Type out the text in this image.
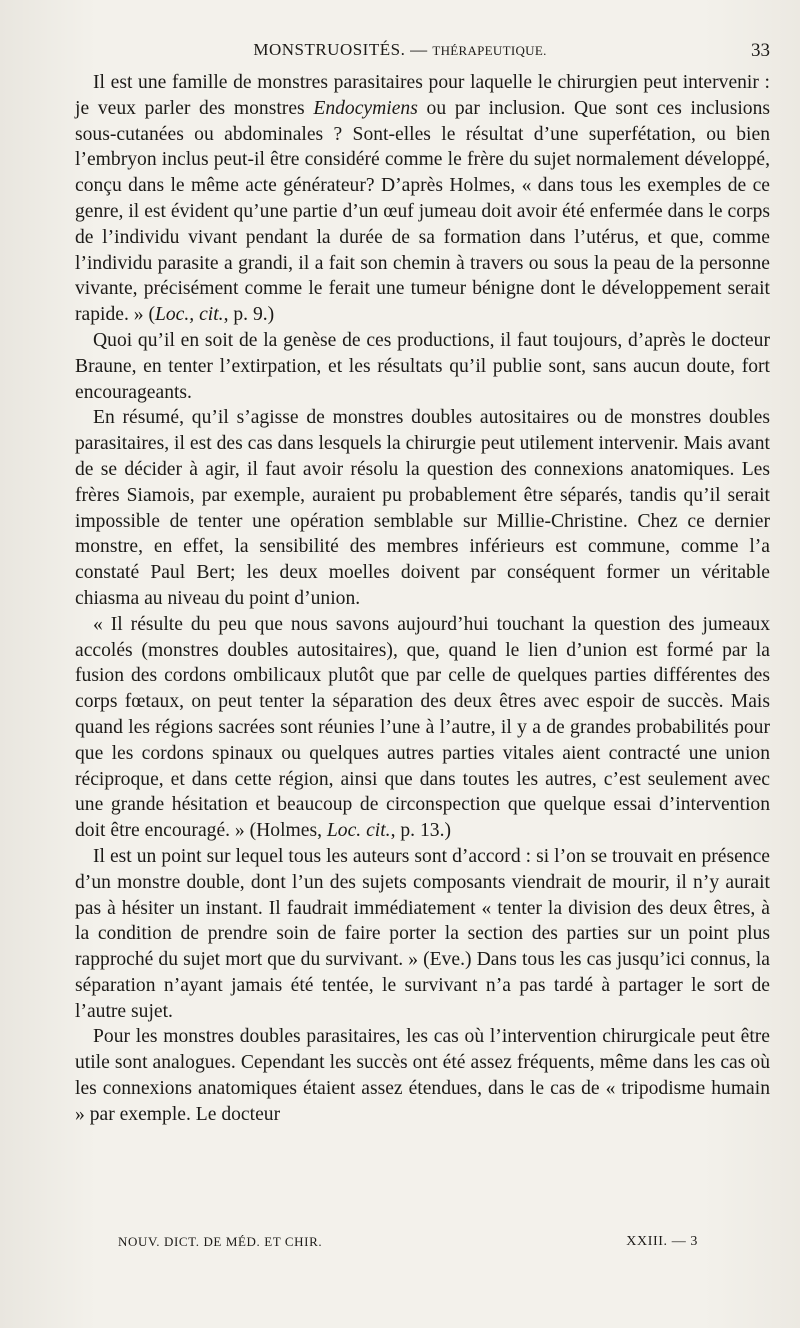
MONSTRUOSITÉS. — THÉRAPEUTIQUE.	33

Il est une famille de monstres parasitaires pour laquelle le chirurgien peut intervenir : je veux parler des monstres Endocymiens ou par inclusion. Que sont ces inclusions sous-cutanées ou abdominales ? Sont-elles le résultat d’une superfétation, ou bien l’embryon inclus peut-il être considéré comme le frère du sujet normalement développé, conçu dans le même acte générateur? D’après Holmes, « dans tous les exemples de ce genre, il est évident qu’une partie d’un œuf jumeau doit avoir été enfermée dans le corps de l’individu vivant pendant la durée de sa formation dans l’utérus, et que, comme l’individu parasite a grandi, il a fait son chemin à travers ou sous la peau de la personne vivante, précisément comme le ferait une tumeur bénigne dont le développement serait rapide. » (Loc., cit., p. 9.)

Quoi qu’il en soit de la genèse de ces productions, il faut toujours, d’après le docteur Braune, en tenter l’extirpation, et les résultats qu’il publie sont, sans aucun doute, fort encourageants.

En résumé, qu’il s’agisse de monstres doubles autositaires ou de monstres doubles parasitaires, il est des cas dans lesquels la chirurgie peut utilement intervenir. Mais avant de se décider à agir, il faut avoir résolu la question des connexions anatomiques. Les frères Siamois, par exemple, auraient pu probablement être séparés, tandis qu’il serait impossible de tenter une opération semblable sur Millie-Christine. Chez ce dernier monstre, en effet, la sensibilité des membres inférieurs est commune, comme l’a constaté Paul Bert; les deux moelles doivent par conséquent former un véritable chiasma au niveau du point d’union.

« Il résulte du peu que nous savons aujourd’hui touchant la question des jumeaux accolés (monstres doubles autositaires), que, quand le lien d’union est formé par la fusion des cordons ombilicaux plutôt que par celle de quelques parties différentes des corps fœtaux, on peut tenter la séparation des deux êtres avec espoir de succès. Mais quand les régions sacrées sont réunies l’une à l’autre, il y a de grandes probabilités pour que les cordons spinaux ou quelques autres parties vitales aient contracté une union réciproque, et dans cette région, ainsi que dans toutes les autres, c’est seulement avec une grande hésitation et beaucoup de circonspection que quelque essai d’intervention doit être encouragé. » (Holmes, Loc. cit., p. 13.)

Il est un point sur lequel tous les auteurs sont d’accord : si l’on se trouvait en présence d’un monstre double, dont l’un des sujets composants viendrait de mourir, il n’y aurait pas à hésiter un instant. Il faudrait immédiatement « tenter la division des deux êtres, à la condition de prendre soin de faire porter la section des parties sur un point plus rapproché du sujet mort que du survivant. » (Eve.) Dans tous les cas jusqu’ici connus, la séparation n’ayant jamais été tentée, le survivant n’a pas tardé à partager le sort de l’autre sujet.

Pour les monstres doubles parasitaires, les cas où l’intervention chirurgicale peut être utile sont analogues. Cependant les succès ont été assez fréquents, même dans les cas où les connexions anatomiques étaient assez étendues, dans le cas de « tripodisme humain » par exemple. Le docteur

NOUV. DICT. DE MÉD. ET CHIR.	XXIII. — 3
